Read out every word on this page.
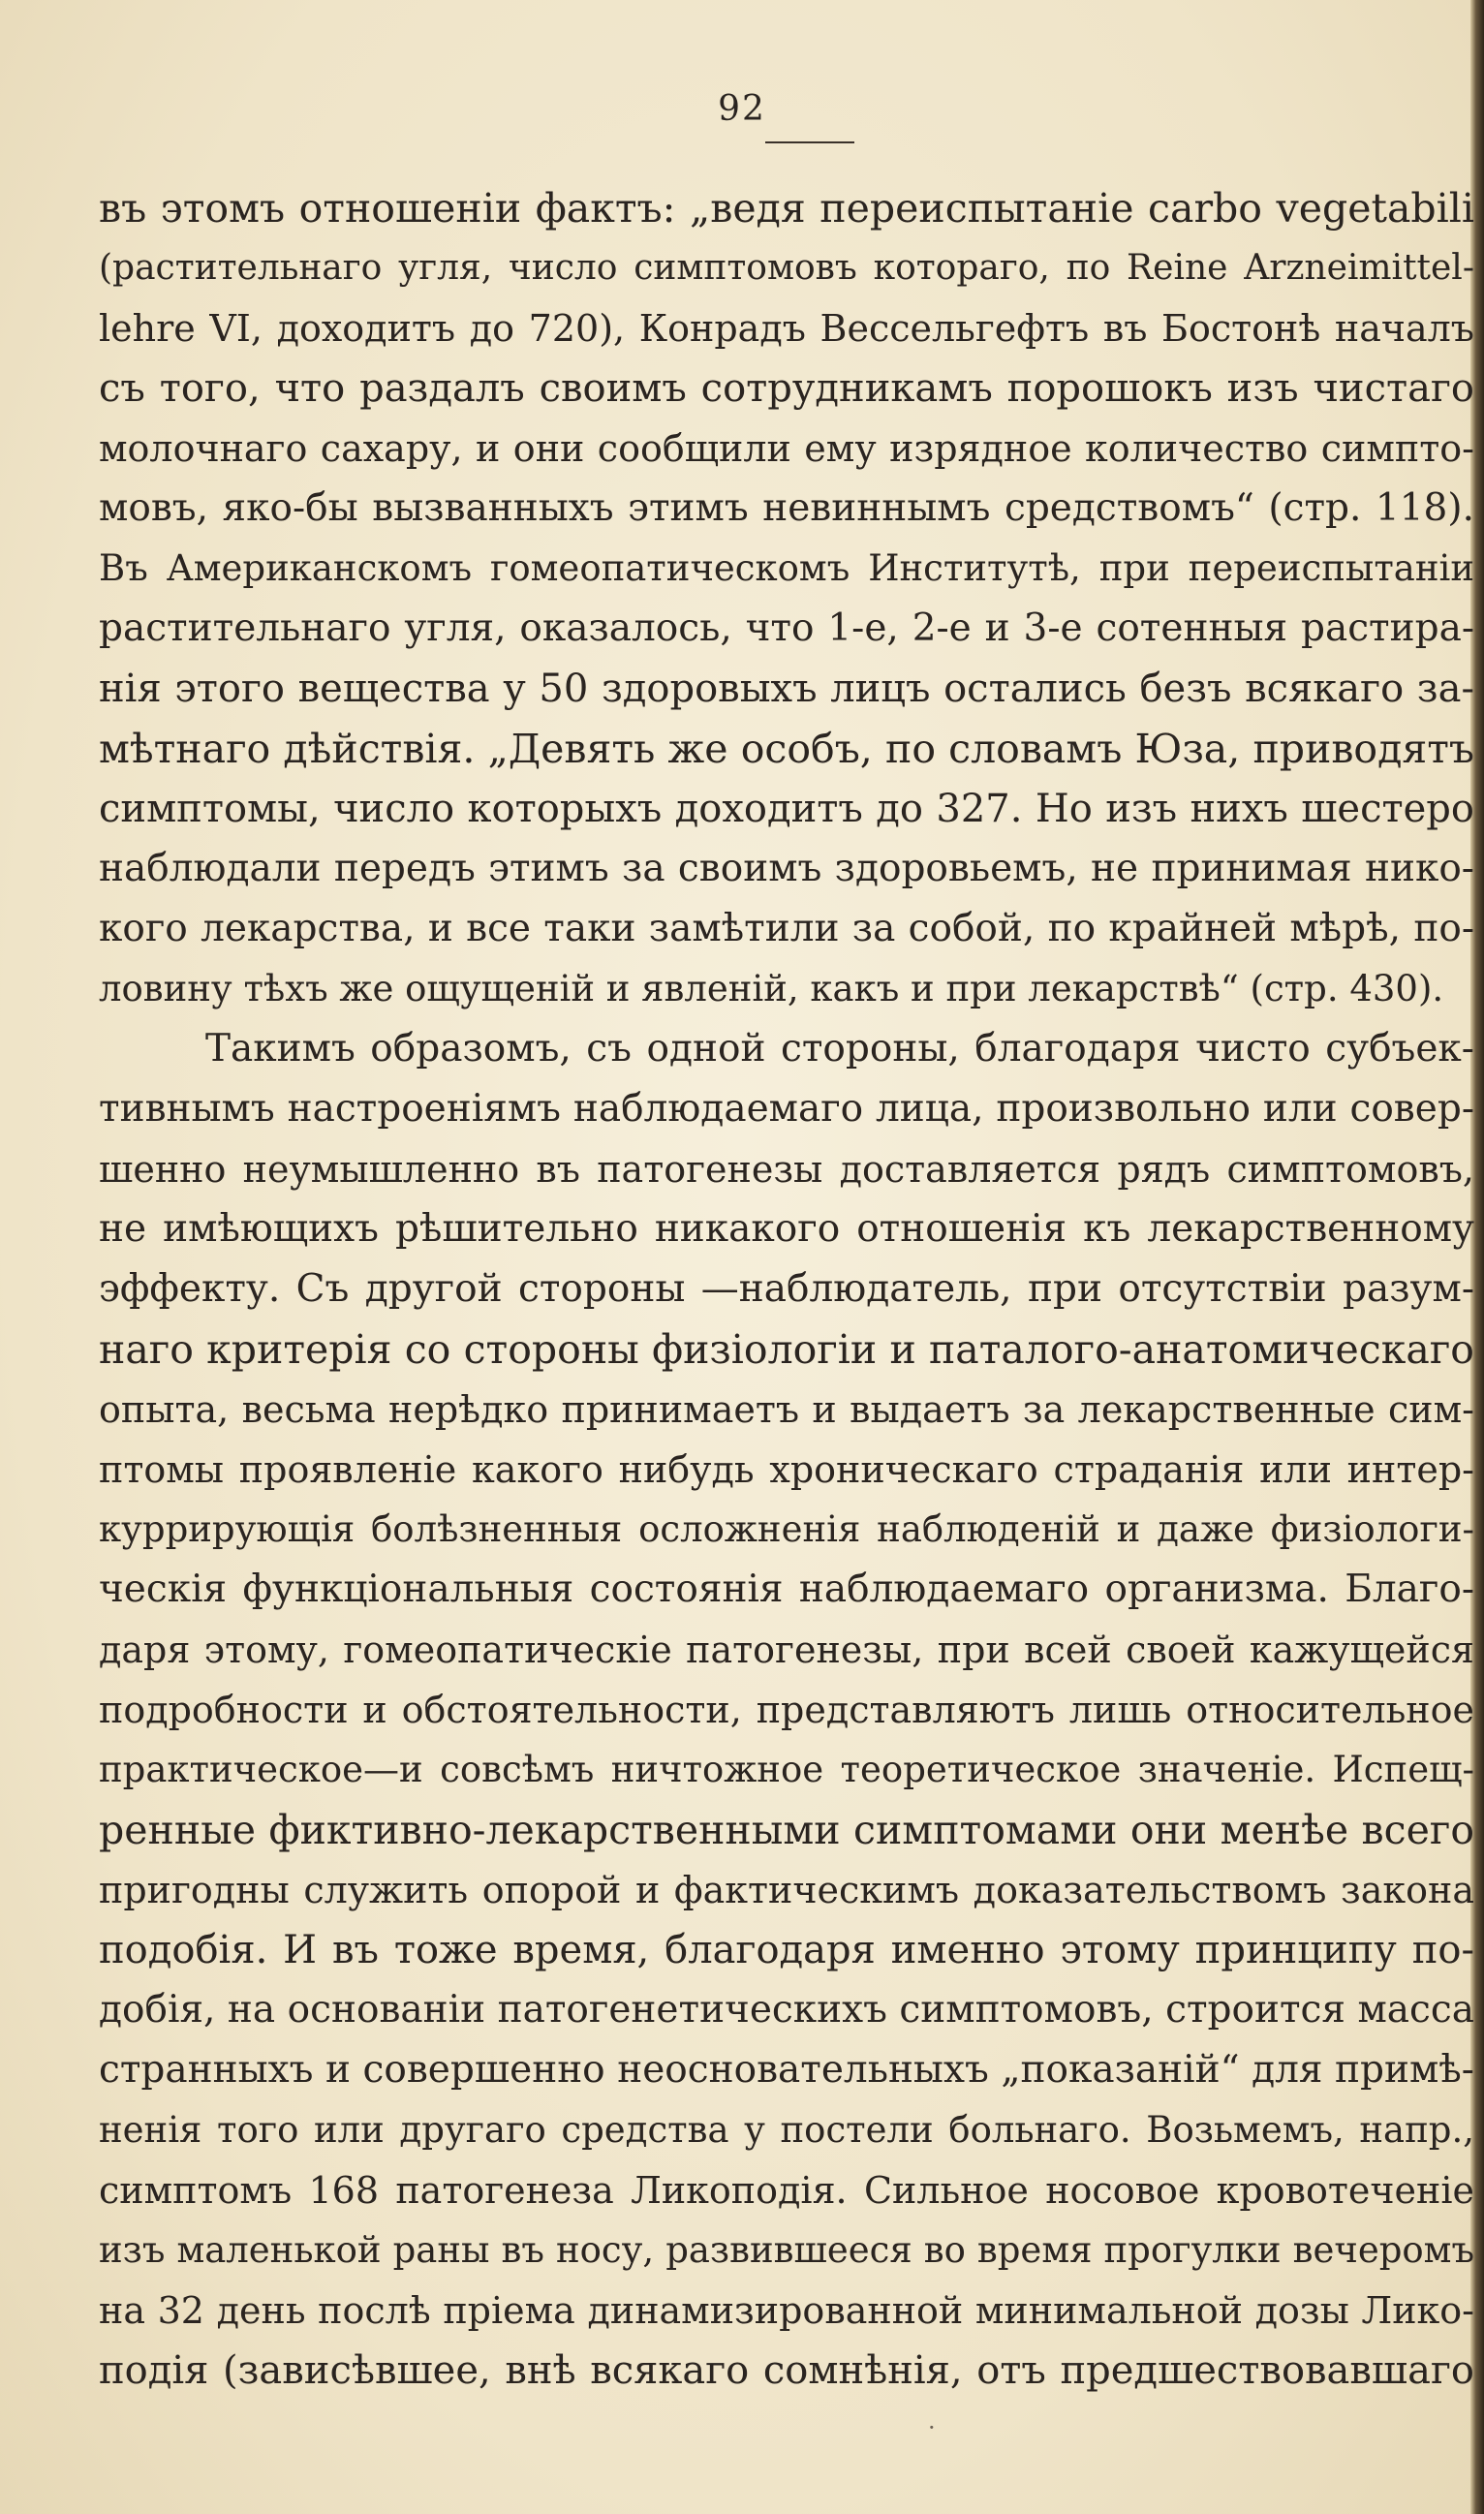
92
въ этомъ отношеніи фактъ: „ведя переиспытаніе carbo vegetabili
(растительнаго угля, число симптомовъ котораго, по Reine Arzneimittel-
lehre VI, доходитъ до 720), Конрадъ Вессельгефтъ въ Бостонѣ началъ
съ того, что раздалъ своимъ сотрудникамъ порошокъ изъ чистаго
молочнаго сахару, и они сообщили ему изрядное количество симпто-
мовъ, яко-бы вызванныхъ этимъ невиннымъ средствомъ“ (стр. 118).
Въ Американскомъ гомеопатическомъ Институтѣ, при переиспытаніи
растительнаго угля, оказалось, что 1-е, 2-е и 3-е сотенныя растира-
нія этого вещества у 50 здоровыхъ лицъ остались безъ всякаго за-
мѣтнаго дѣйствія. „Девять же особъ, по словамъ Юза, приводятъ
симптомы, число которыхъ доходитъ до 327. Но изъ нихъ шестеро
наблюдали передъ этимъ за своимъ здоровьемъ, не принимая нико-
кого лекарства, и все таки замѣтили за собой, по крайней мѣрѣ, по-
ловину тѣхъ же ощущеній и явленій, какъ и при лекарствѣ“ (стр. 430).
Такимъ образомъ, съ одной стороны, благодаря чисто субъек-
тивнымъ настроеніямъ наблюдаемаго лица, произвольно или совер-
шенно неумышленно въ патогенезы доставляется рядъ симптомовъ,
не имѣющихъ рѣшительно никакого отношенія къ лекарственному
эффекту. Съ другой стороны —наблюдатель, при отсутствіи разум-
наго критерія со стороны физіологіи и паталого-анатомическаго
опыта, весьма нерѣдко принимаетъ и выдаетъ за лекарственные сим-
птомы проявленіе какого нибудь хроническаго страданія или интер-
куррирующія болѣзненныя осложненія наблюденій и даже физіологи-
ческія функціональныя состоянія наблюдаемаго организма. Благо-
даря этому, гомеопатическіе патогенезы, при всей своей кажущейся
подробности и обстоятельности, представляютъ лишь относительное
практическое—и совсѣмъ ничтожное теоретическое значеніе. Испещ-
ренные фиктивно-лекарственными симптомами они менѣе всего
пригодны служить опорой и фактическимъ доказательствомъ закона
подобія. И въ тоже время, благодаря именно этому принципу по-
добія, на основаніи патогенетическихъ симптомовъ, строится масса
странныхъ и совершенно неосновательныхъ „показаній“ для примѣ-
ненія того или другаго средства у постели больнаго. Возьмемъ, напр.,
симптомъ 168 патогенеза Ликоподія. Сильное носовое кровотеченіе
изъ маленькой раны въ носу, развившееся во время прогулки вечеромъ
на 32 день послѣ пріема динамизированной минимальной дозы Лико-
подія (зависѣвшее, внѣ всякаго сомнѣнія, отъ предшествовавшаго
·
